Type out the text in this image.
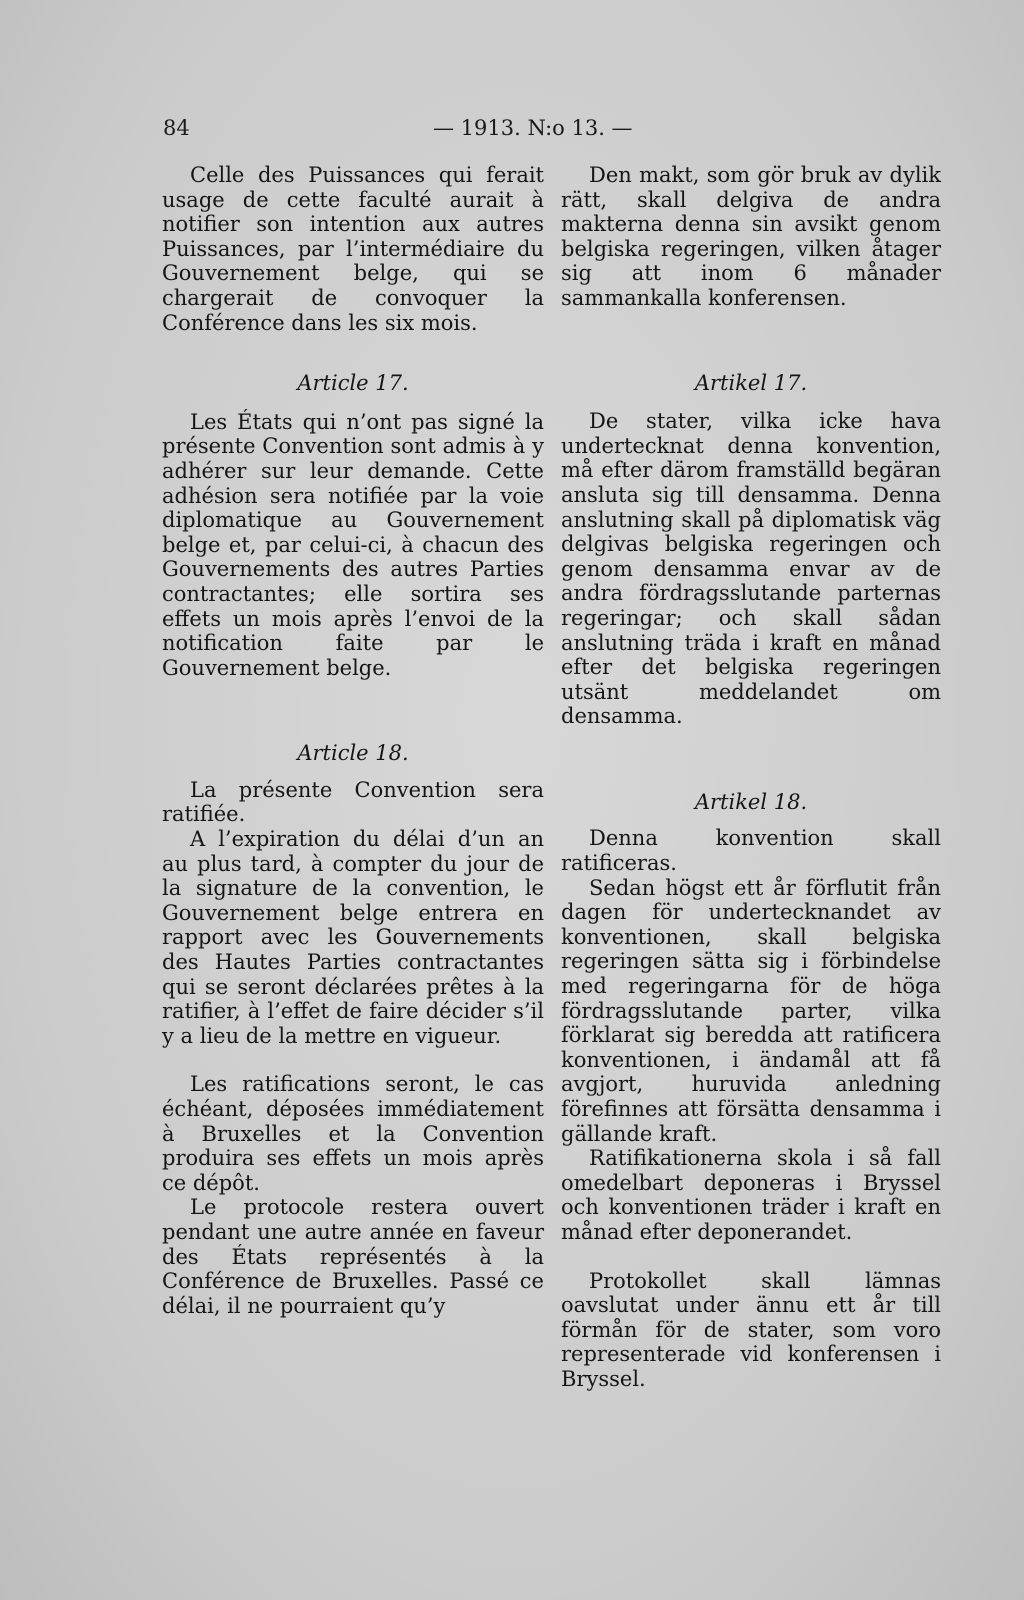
84	— 1913. N:o 13. —

Celle des Puissances qui ferait usage de cette faculté aurait à notifier son intention aux autres Puissances, par l’intermédiaire du Gouvernement belge, qui se chargerait de convoquer la Conférence dans les six mois.

Article 17.

Les États qui n’ont pas signé la présente Convention sont admis à y adhérer sur leur demande. Cette adhésion sera notifiée par la voie diplomatique au Gouvernement belge et, par celui-ci, à chacun des Gouvernements des autres Parties contractantes; elle sortira ses effets un mois après l’envoi de la notification faite par le Gouvernement belge.

Article 18.

La présente Convention sera ratifiée.

A l’expiration du délai d’un an au plus tard, à compter du jour de la signature de la convention, le Gouvernement belge entrera en rapport avec les Gouvernements des Hautes Parties contractantes qui se seront déclarées prêtes à la ratifier, à l’effet de faire décider s’il y a lieu de la mettre en vigueur.

Les ratifications seront, le cas échéant, déposées immédiatement à Bruxelles et la Convention produira ses effets un mois après ce dépôt.

Le protocole restera ouvert pendant une autre année en faveur des États représentés à la Conférence de Bruxelles. Passé ce délai, il ne pourraient qu’y

Den makt, som gör bruk av dylik rätt, skall delgiva de andra makterna denna sin avsikt genom belgiska regeringen, vilken åtager sig att inom 6 månader sammankalla konferensen.

Artikel 17.

De stater, vilka icke hava undertecknat denna konvention, må efter därom framställd begäran ansluta sig till densamma. Denna anslutning skall på diplomatisk väg delgivas belgiska regeringen och genom densamma envar av de andra fördragsslutande parternas regeringar; och skall sådan anslutning träda i kraft en månad efter det belgiska regeringen utsänt meddelandet om densamma.

Artikel 18.

Denna konvention skall ratificeras.

Sedan högst ett år förflutit från dagen för undertecknandet av konventionen, skall belgiska regeringen sätta sig i förbindelse med regeringarna för de höga fördragsslutande parter, vilka förklarat sig beredda att ratificera konventionen, i ändamål att få avgjort, huruvida anledning förefinnes att försätta densamma i gällande kraft.

Ratifikationerna skola i så fall omedelbart deponeras i Bryssel och konventionen träder i kraft en månad efter deponerandet.

Protokollet skall lämnas oavslutat under ännu ett år till förmån för de stater, som voro representerade vid konferensen i Bryssel.
